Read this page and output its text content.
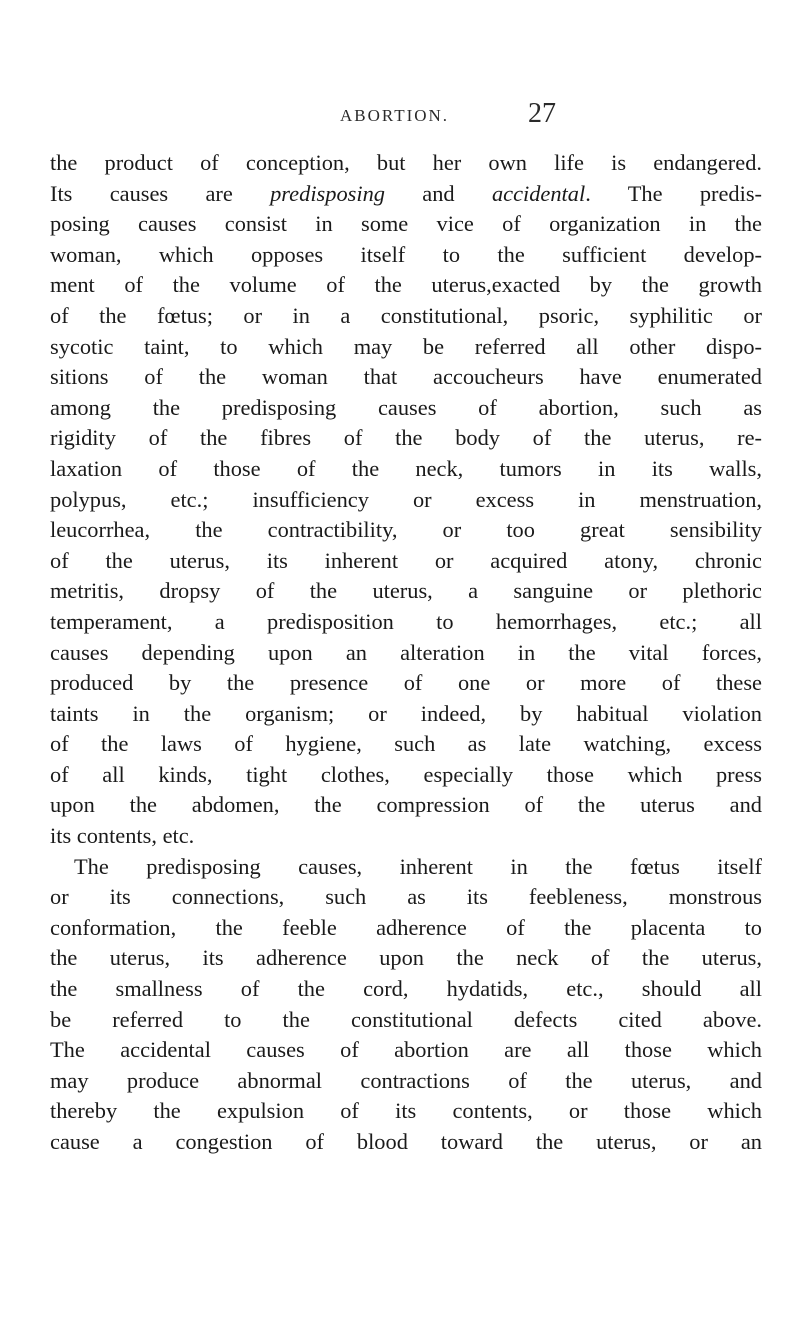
ABORTION.	27
the product of conception, but her own life is endangered.
Its causes are predisposing and accidental. The predis-
posing causes consist in some vice of organization in the
woman, which opposes itself to the sufficient develop-
ment of the volume of the uterus,exacted by the growth
of the fœtus; or in a constitutional, psoric, syphilitic or
sycotic taint, to which may be referred all other dispo-
sitions of the woman that accoucheurs have enumerated
among the predisposing causes of abortion, such as
rigidity of the fibres of the body of the uterus, re-
laxation of those of the neck, tumors in its walls,
polypus, etc.; insufficiency or excess in menstruation,
leucorrhea, the contractibility, or too great sensibility
of the uterus, its inherent or acquired atony, chronic
metritis, dropsy of the uterus, a sanguine or plethoric
temperament, a predisposition to hemorrhages, etc.; all
causes depending upon an alteration in the vital forces,
produced by the presence of one or more of these
taints in the organism; or indeed, by habitual violation
of the laws of hygiene, such as late watching, excess
of all kinds, tight clothes, especially those which press
upon the abdomen, the compression of the uterus and
its contents, etc.
The predisposing causes, inherent in the fœtus itself
or its connections, such as its feebleness, monstrous
conformation, the feeble adherence of the placenta to
the uterus, its adherence upon the neck of the uterus,
the smallness of the cord, hydatids, etc., should all
be referred to the constitutional defects cited above.
The accidental causes of abortion are all those which
may produce abnormal contractions of the uterus, and
thereby the expulsion of its contents, or those which
cause a congestion of blood toward the uterus, or an
